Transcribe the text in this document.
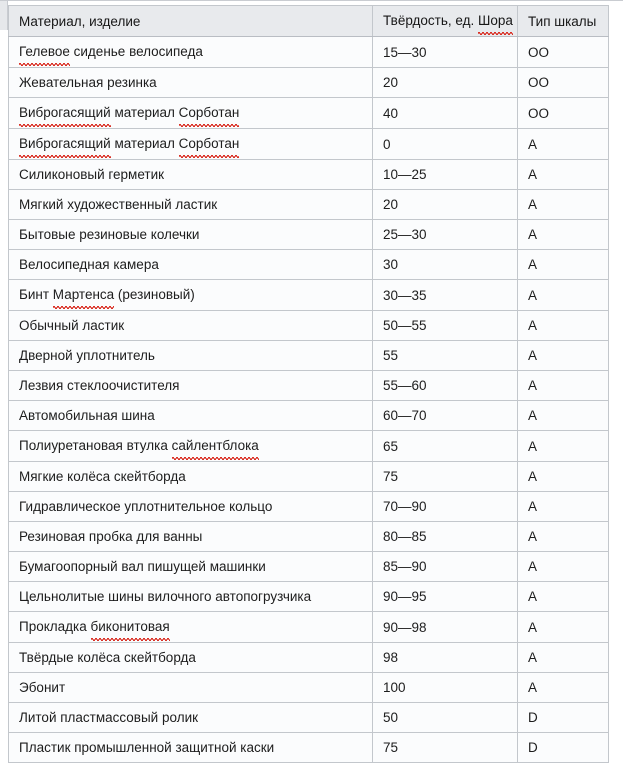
Материал, изделие	Твёрдость, ед. Шора	Тип шкалы
Гелевое сиденье велосипеда	15—30	OO
Жевательная резинка	20	OO
Виброгасящий материал Сорботан	40	OO
Виброгасящий материал Сорботан	0	A
Силиконовый герметик	10—25	A
Мягкий художественный ластик	20	A
Бытовые резиновые колечки	25—30	A
Велосипедная камера	30	A
Бинт Мартенса (резиновый)	30—35	A
Обычный ластик	50—55	A
Дверной уплотнитель	55	A
Лезвия стеклоочистителя	55—60	A
Автомобильная шина	60—70	A
Полиуретановая втулка сайлентблока	65	A
Мягкие колёса скейтборда	75	A
Гидравлическое уплотнительное кольцо	70—90	A
Резиновая пробка для ванны	80—85	A
Бумагоопорный вал пишущей машинки	85—90	A
Цельнолитые шины вилочного автопогрузчика	90—95	A
Прокладка биконитовая	90—98	A
Твёрдые колёса скейтборда	98	A
Эбонит	100	A
Литой пластмассовый ролик	50	D
Пластик промышленной защитной каски	75	D
